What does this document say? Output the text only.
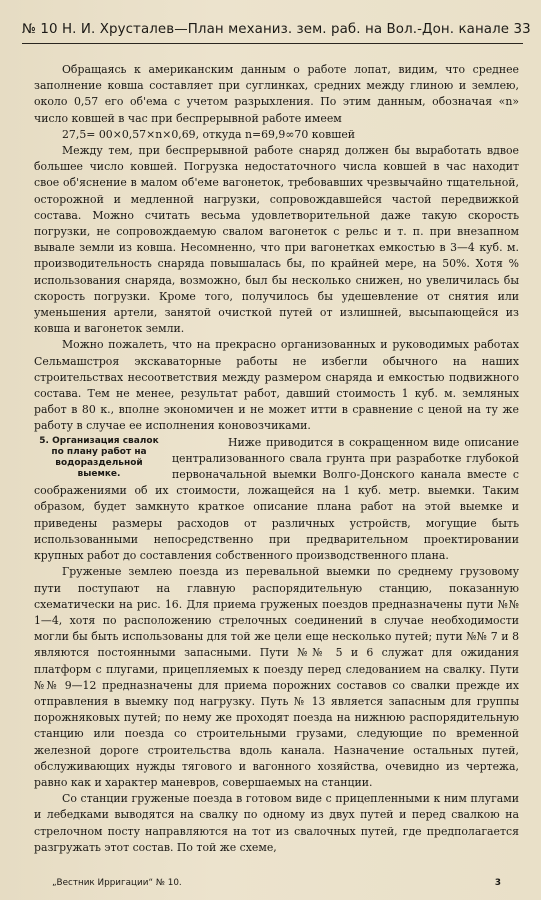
№ 10 Н. И. Хрусталев—План механиз. зем. раб. на Вол.-Дон. канале 33

Обращаясь к американским данным о работе лопат, видим, что среднее заполнение ковша составляет при суглинках, средних между глиною и землею, около 0,57 его об'ема с учетом разрыхления. По этим данным, обозначая «n» число ковшей в час при беспрерывной работе имеем

27,5= 00×0,57×n×0,69, откуда n=69,9∞70 ковшей

Между тем, при беспрерывной работе снаряд должен бы выработать вдвое большее число ковшей. Погрузка недостаточного числа ковшей в час находит свое об'яснение в малом об'еме вагонеток, требовавших чрезвычайно тщательной, осторожной и медленной нагрузки, сопровождавшейся частой передвижкой состава. Можно считать весьма удовлетворительной даже такую скорость погрузки, не сопровождаемую свалом вагонеток с рельс и т. п. при внезапном вывале земли из ковша. Несомненно, что при вагонетках емкостью в 3—4 куб. м. производительность снаряда повышалась бы, по крайней мере, на 50%. Хотя % использования снаряда, возможно, был бы несколько снижен, но увеличилась бы скорость погрузки. Кроме того, получилось бы удешевление от снятия или уменьшения артели, занятой очисткой путей от излишней, высыпающейся из ковша и вагонеток земли.

Можно пожалеть, что на прекрасно организованных и руководимых работах Сельмашстроя экскаваторные работы не избегли обычного на наших строительствах несоответствия между размером снаряда и емкостью подвижного состава. Тем не менее, результат работ, давший стоимость 1 куб. м. земляных работ в 80 к., вполне экономичен и не может итти в сравнение с ценой на ту же работу в случае ее исполнения коновозчиками.

5. Организация свалок по плану работ на водораздельной выемке.

Ниже приводится в сокращенном виде описание централизованного свала грунта при разработке глубокой первоначальной выемки Волго-Донского канала вместе с соображениями об их стоимости, ложащейся на 1 куб. метр. выемки. Таким образом, будет замкнуто краткое описание плана работ на этой выемке и приведены размеры расходов от различных устройств, могущие быть использованными непосредственно при предварительном проектировании крупных работ до составления собственного производственного плана.

Груженые землею поезда из перевальной выемки по среднему грузовому пути поступают на главную распорядительную станцию, показанную схематически на рис. 16. Для приема груженых поездов предназначены пути №№ 1—4, хотя по расположению стрелочных соединений в случае необходимости могли бы быть использованы для той же цели еще несколько путей; пути №№ 7 и 8 являются постоянными запасными. Пути №№ 5 и 6 служат для ожидания платформ с плугами, прицепляемых к поезду перед следованием на свалку. Пути №№ 9—12 предназначены для приема порожних составов со свалки прежде их отправления в выемку под нагрузку. Путь № 13 является запасным для группы порожняковых путей; по нему же проходят поезда на нижнюю распорядительную станцию или поезда со строительными грузами, следующие по временной железной дороге строительства вдоль канала. Назначение остальных путей, обслуживающих нужды тягового и вагонного хозяйства, очевидно из чертежа, равно как и характер маневров, совершаемых на станции.

Со станции груженые поезда в готовом виде с прицепленными к ним плугами и лебедками выводятся на свалку по одному из двух путей и перед свалкою на стрелочном посту направляются на тот из свалочных путей, где предполагается разгружать этот состав. По той же схеме,

„Вестник Ирригации“ № 10.	3
